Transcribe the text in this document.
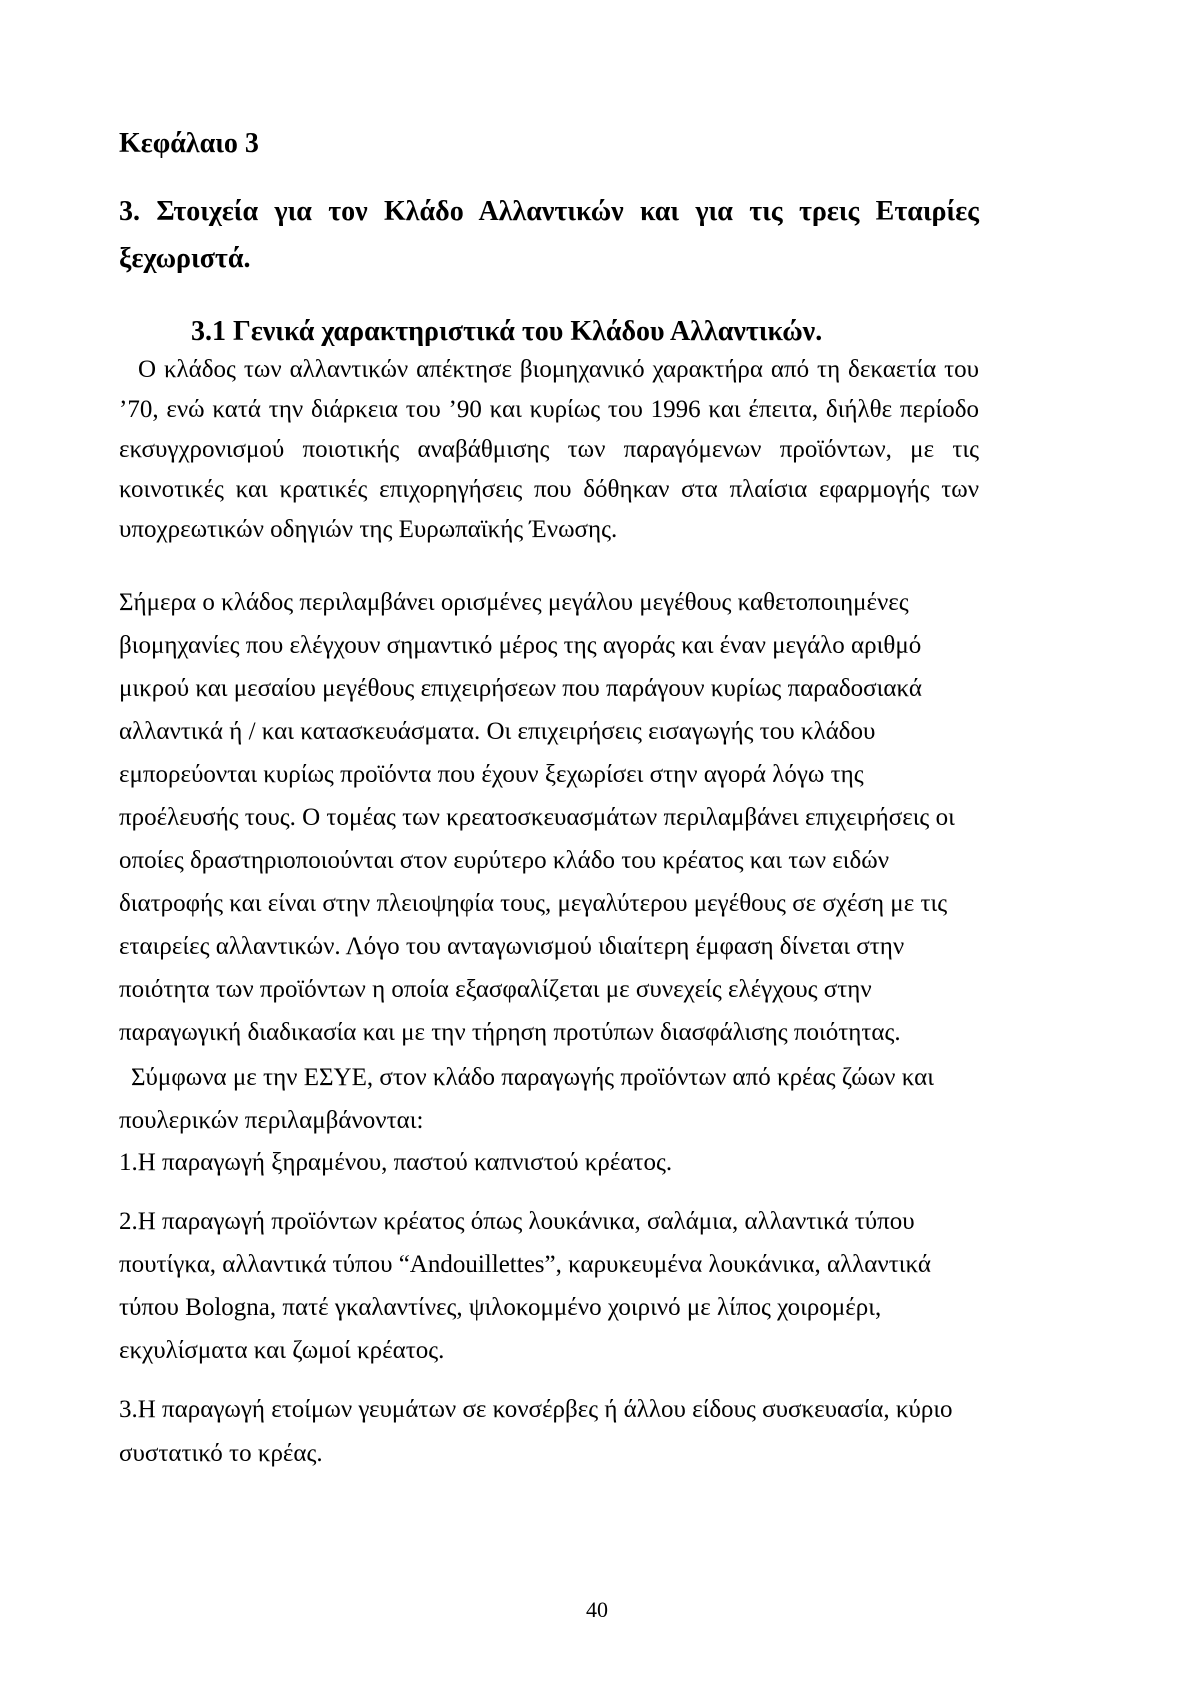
Κεφάλαιο 3
3. Στοιχεία για τον Κλάδο Αλλαντικών και για τις τρεις Εταιρίες
ξεχωριστά.
3.1 Γενικά χαρακτηριστικά του Κλάδου Αλλαντικών.
Ο κλάδος των αλλαντικών απέκτησε βιομηχανικό χαρακτήρα από τη δεκαετία του
’70, ενώ κατά την διάρκεια του ’90 και κυρίως του 1996 και έπειτα, διήλθε περίοδο
εκσυγχρονισμού ποιοτικής αναβάθμισης των παραγόμενων προϊόντων, με τις
κοινοτικές και κρατικές επιχορηγήσεις που δόθηκαν στα πλαίσια εφαρμογής των
υποχρεωτικών οδηγιών της Ευρωπαϊκής Ένωσης.
Σήμερα ο κλάδος περιλαμβάνει ορισμένες μεγάλου μεγέθους καθετοποιημένες
βιομηχανίες που ελέγχουν σημαντικό μέρος της αγοράς και έναν μεγάλο αριθμό
μικρού και μεσαίου μεγέθους επιχειρήσεων που παράγουν κυρίως παραδοσιακά
αλλαντικά ή / και κατασκευάσματα. Οι επιχειρήσεις εισαγωγής του κλάδου
εμπορεύονται κυρίως προϊόντα που έχουν ξεχωρίσει στην αγορά λόγω της
προέλευσής τους. Ο τομέας των κρεατοσκευασμάτων περιλαμβάνει επιχειρήσεις οι
οποίες δραστηριοποιούνται στον ευρύτερο κλάδο του κρέατος και των ειδών
διατροφής και είναι στην πλειοψηφία τους, μεγαλύτερου μεγέθους σε σχέση με τις
εταιρείες αλλαντικών. Λόγο του ανταγωνισμού ιδιαίτερη έμφαση δίνεται στην
ποιότητα των προϊόντων η οποία εξασφαλίζεται με συνεχείς ελέγχους στην
παραγωγική διαδικασία και με την τήρηση προτύπων διασφάλισης ποιότητας.
Σύμφωνα με την ΕΣΥΕ, στον κλάδο παραγωγής προϊόντων από κρέας ζώων και
πουλερικών περιλαμβάνονται:
1.Η παραγωγή ξηραμένου, παστού καπνιστού κρέατος.
2.Η παραγωγή προϊόντων κρέατος όπως λουκάνικα, σαλάμια, αλλαντικά τύπου
πουτίγκα, αλλαντικά τύπου “Andouillettes”, καρυκευμένα λουκάνικα, αλλαντικά
τύπου Bologna, πατέ γκαλαντίνες, ψιλοκομμένο χοιρινό με λίπος χοιρομέρι,
εκχυλίσματα και ζωμοί κρέατος.
3.Η παραγωγή ετοίμων γευμάτων σε κονσέρβες ή άλλου είδους συσκευασία, κύριο
συστατικό το κρέας.
40
